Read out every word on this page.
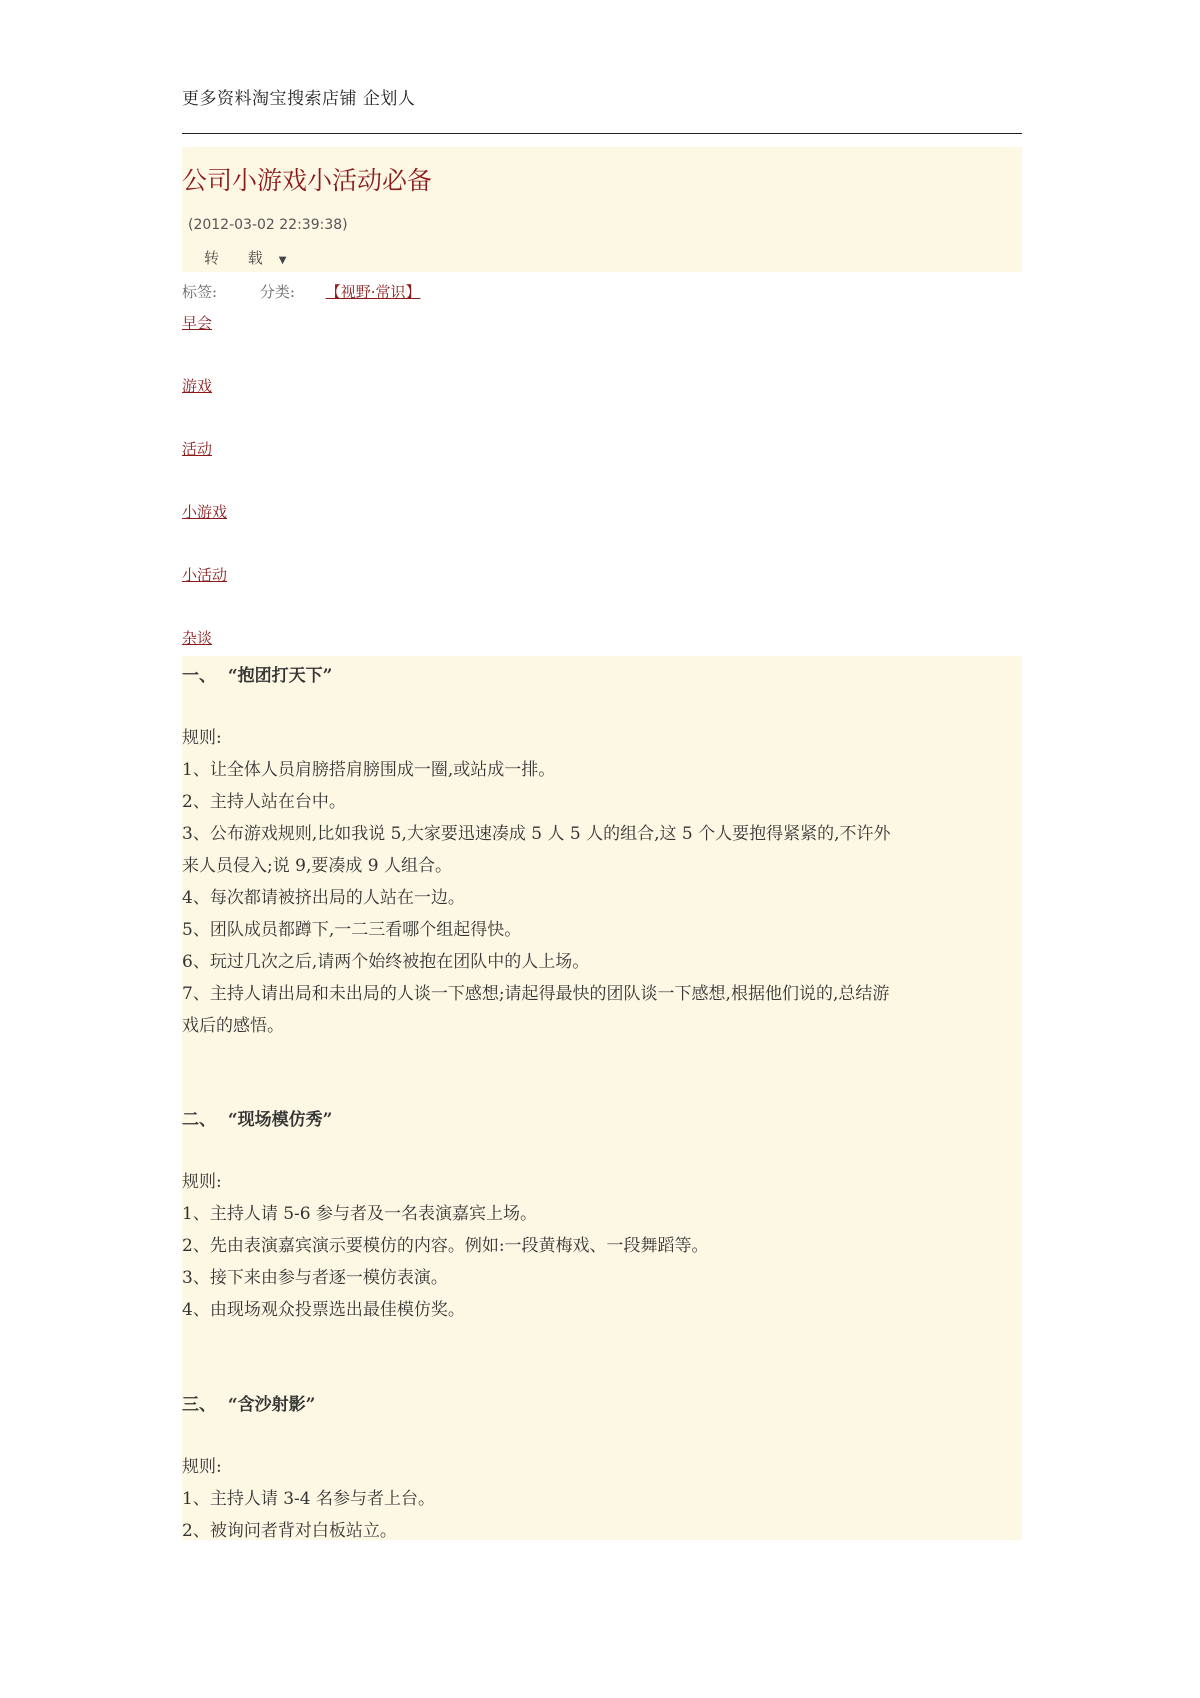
更多资料淘宝搜索店铺 企划人
公司小游戏小活动必备
(2012-03-02 22:39:38)
转 载 ▼
标签:	分类: 【视野·常识】
早会
游戏
活动
小游戏
小活动
杂谈
一、 “抱团打天下”
规则:
1、让全体人员肩膀搭肩膀围成一圈,或站成一排。
2、主持人站在台中。
3、公布游戏规则,比如我说 5,大家要迅速凑成 5 人 5 人的组合,这 5 个人要抱得紧紧的,不许外
来人员侵入;说 9,要凑成 9 人组合。
4、每次都请被挤出局的人站在一边。
5、团队成员都蹲下,一二三看哪个组起得快。
6、玩过几次之后,请两个始终被抱在团队中的人上场。
7、主持人请出局和未出局的人谈一下感想;请起得最快的团队谈一下感想,根据他们说的,总结游
戏后的感悟。
二、 “现场模仿秀”
规则:
1、主持人请 5-6 参与者及一名表演嘉宾上场。
2、先由表演嘉宾演示要模仿的内容。例如:一段黄梅戏、一段舞蹈等。
3、接下来由参与者逐一模仿表演。
4、由现场观众投票选出最佳模仿奖。
三、 “含沙射影”
规则:
1、主持人请 3-4 名参与者上台。
2、被询问者背对白板站立。
